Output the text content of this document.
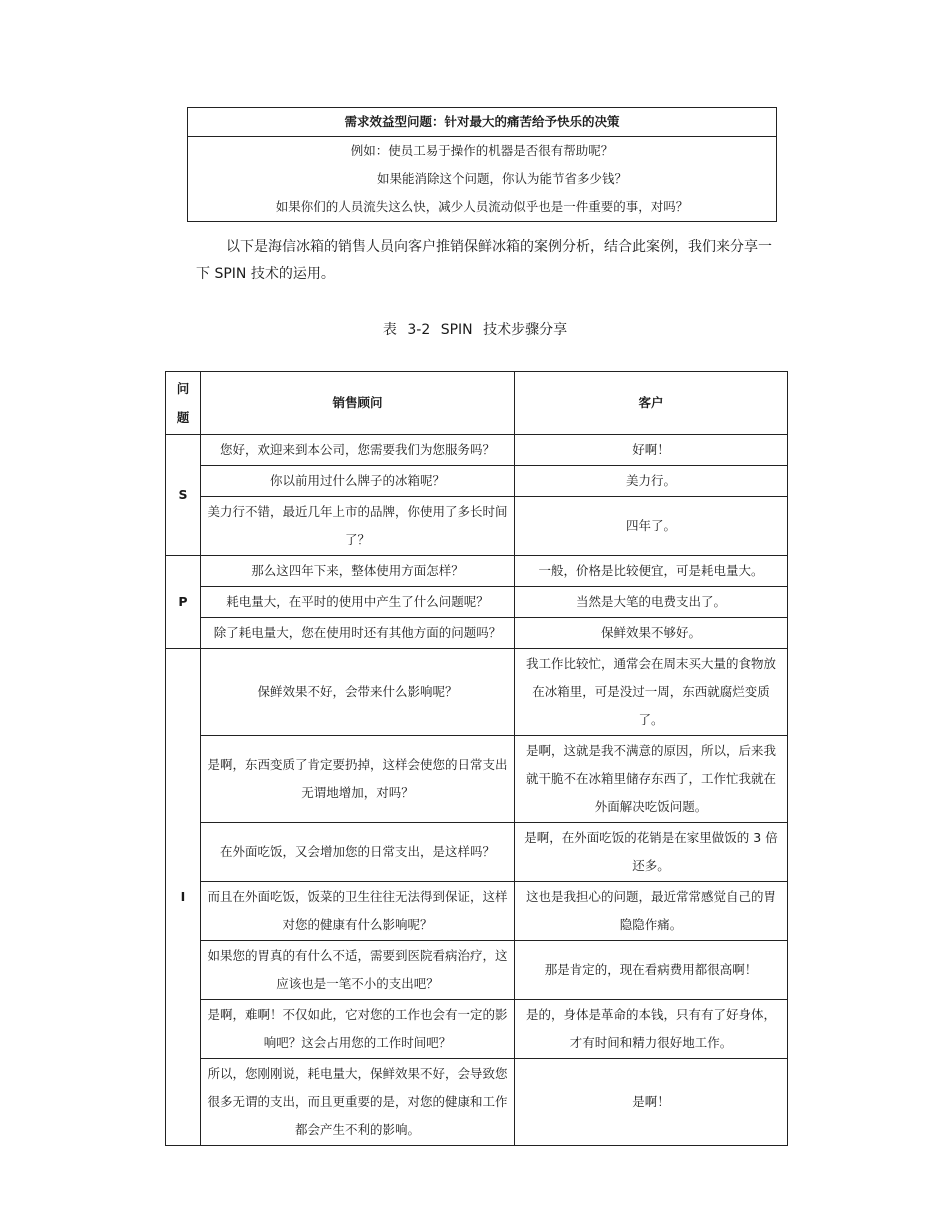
需求效益型问题：针对最大的痛苦给予快乐的决策
例如：使员工易于操作的机器是否很有帮助呢？
如果能消除这个问题，你认为能节省多少钱？
如果你们的人员流失这么快，减少人员流动似乎也是一件重要的事，对吗？
以下是海信冰箱的销售人员向客户推销保鲜冰箱的案例分析，结合此案例，我们来分享一下 SPIN 技术的运用。
表 3-2 SPIN 技术步骤分享
问
题	销售顾问	客户
S	您好，欢迎来到本公司，您需要我们为您服务吗？	好啊！
	你以前用过什么牌子的冰箱呢？	美力行。
	美力行不错，最近几年上市的品牌，你使用了多长时间了？	四年了。
P	那么这四年下来，整体使用方面怎样？	一般，价格是比较便宜，可是耗电量大。
	耗电量大，在平时的使用中产生了什么问题呢？	当然是大笔的电费支出了。
	除了耗电量大，您在使用时还有其他方面的问题吗？	保鲜效果不够好。
I	保鲜效果不好，会带来什么影响呢？	我工作比较忙，通常会在周末买大量的食物放在冰箱里，可是没过一周，东西就腐烂变质了。
	是啊，东西变质了肯定要扔掉，这样会使您的日常支出无谓地增加，对吗？	是啊，这就是我不满意的原因，所以，后来我就干脆不在冰箱里储存东西了，工作忙我就在外面解决吃饭问题。
	在外面吃饭，又会增加您的日常支出，是这样吗？	是啊，在外面吃饭的花销是在家里做饭的 3 倍还多。
	而且在外面吃饭，饭菜的卫生往往无法得到保证，这样对您的健康有什么影响呢？	这也是我担心的问题，最近常常感觉自己的胃隐隐作痛。
	如果您的胃真的有什么不适，需要到医院看病治疗，这应该也是一笔不小的支出吧？	那是肯定的，现在看病费用都很高啊！
	是啊，难啊！不仅如此，它对您的工作也会有一定的影响吧？这会占用您的工作时间吧？	是的，身体是革命的本钱，只有有了好身体，才有时间和精力很好地工作。
	所以，您刚刚说，耗电量大，保鲜效果不好，会导致您很多无谓的支出，而且更重要的是，对您的健康和工作都会产生不利的影响。	是啊！
